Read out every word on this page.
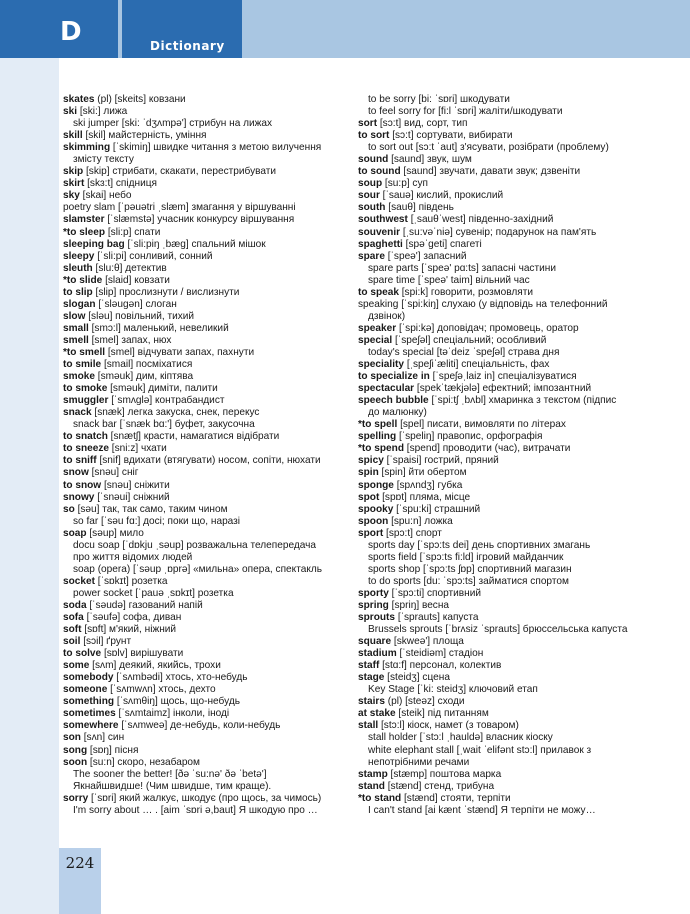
D	Dictionary
skates (pl) [skeits] ковзани
ski [ski:] лижа
ski jumper [ski: ˈdʒʌmpə'] стрибун на лижах
skill [skil] майстерність, уміння
skimming [ˈskimiŋ] швидке читання з метою вилучення
змісту тексту
skip [skip] стрибати, скакати, перестрибувати
skirt [skɜ:t] спідниця
sky [skai] небо
poetry slam [ˈpəuətri ˌslæm] змагання у віршуванні
slamster [ˈslæmstə] учасник конкурсу віршування
*to sleep [sli:p] спати
sleeping bag [ˈsli:piŋ ˌbæg] спальний мішок
sleepy [ˈsli:pi] сонливий, сонний
sleuth [slu:θ] детектив
*to slide [slaid] ковзати
to slip [slip] прослизнути / вислизнути
slogan [ˈsləugən] слоган
slow [sləu] повільний, тихий
small [smɔ:l] маленький, невеликий
smell [smel] запах, нюх
*to smell [smel] відчувати запах, пахнути
to smile [smail] посміхатися
smoke [sməuk] дим, кіптява
to smoke [sməuk] диміти, палити
smuggler [ˈsmʌglə] контрабандист
snack [snæk] легка закуска, снек, перекус
snack bar [ˈsnæk bɑ:'] буфет, закусочна
to snatch [snætʃ] красти, намагатися відібрати
to sneeze [sni:z] чхати
to sniff [snif] вдихати (втягувати) носом, сопіти, нюхати
snow [snəu] сніг
to snow [snəu] сніжити
snowy [ˈsnəui] сніжний
so [səu] так, так само, таким чином
so far [ˈsəu fɑ:] досі; поки що, наразі
soap [səup] мило
docu soap [ˈdɒkju ˌsəup] розважальна телепередача
про життя відомих людей
soap (opera) [ˈsəup ˌɒprə] «мильна» опера, спектакль
socket [ˈsɒkɪt] розетка
power socket [ˈpauə ˌsɒkɪt] розетка
soda [ˈsəudə] газований напій
sofa [ˈsəufə] софа, диван
soft [sɒft] м'який, ніжний
soil [sɔil] ґрунт
to solve [sɒlv] вирішувати
some [sʌm] деякий, якийсь, трохи
somebody [ˈsʌmbədi] хтось, хто-небудь
someone [ˈsʌmwʌn] хтось, дехто
something [ˈsʌmθiŋ] щось, що-небудь
sometimes [ˈsʌmtaimz] інколи, іноді
somewhere [ˈsʌmweə] де-небудь, коли-небудь
son [sʌn] син
song [sɒŋ] пісня
soon [su:n] скоро, незабаром
The sooner the better! [ðə ˈsu:nə' ðə ˈbetə']
Якнайшвидше! (Чим швидше, тим краще).
sorry [ˈsɒri] який жалкує, шкодує (про щось, за чимось)
I'm sorry about … . [aim ˈsɒri ə,baut] Я шкодую про …
to be sorry [bi: ˈsɒri] шкодувати
to feel sorry for [fi:l ˈsɒri] жаліти/шкодувати
sort [sɔ:t] вид, сорт, тип
to sort [sɔ:t] сортувати, вибирати
to sort out [sɔ:t ˈaut] з'ясувати, розібрати (проблему)
sound [saund] звук, шум
to sound [saund] звучати, давати звук; дзвеніти
soup [su:p] суп
sour [ˈsauə] кислий, прокислий
south [sauθ] південь
southwest [ˌsauθˈwest] південно-західний
souvenir [ˌsu:vəˈniə] сувенір; подарунок на пам'ять
spaghetti [spəˈgeti] спагеті
spare [ˈspeə'] запасний
spare parts [ˈspeə' pɑ:ts] запасні частини
spare time [ˈspeə' taim] вільний час
to speak [spi:k] говорити, розмовляти
speaking [ˈspi:kiŋ] слухаю (у відповідь на телефонний
дзвінок)
speaker [ˈspi:kə] доповідач; промовець, оратор
special [ˈspeʃəl] спеціальний; особливий
today's special [təˈdeiz ˈspeʃəl] страва дня
speciality [ˌspeʃiˈæliti] спеціальність, фах
to specialize in [ˈspeʃəˌlaiz in] спеціалізуватися
spectacular [spekˈtækjələ] ефектний; імпозантний
speech bubble [ˈspi:tʃ ˌbʌbl] хмаринка з текстом (підпис
до малюнку)
*to spell [spel] писати, вимовляти по літерах
spelling [ˈspeliŋ] правопис, орфографія
*to spend [spend] проводити (час), витрачати
spicy [ˈspaisi] гострий, пряний
spin [spin] йти обертом
sponge [spʌndʒ] губка
spot [spɒt] пляма, місце
spooky [ˈspu:ki] страшний
spoon [spu:n] ложка
sport [spɔ:t] спорт
sports day [ˈspɔ:ts dei] день спортивних змагань
sports field [ˈspɔ:ts fi:ld] ігровий майданчик
sports shop [ˈspɔ:ts ʃɒp] спортивний магазин
to do sports [du: ˈspɔ:ts] займатися спортом
sporty [ˈspɔ:ti] спортивний
spring [spriŋ] весна
sprouts [ˈsprauts] капуста
Brussels sprouts [ˈbrʌsiz ˈsprauts] брюссельська капуста
square [skweə'] площа
stadium [ˈsteidiəm] стадіон
staff [stɑ:f] персонал, колектив
stage [steidʒ] сцена
Key Stage [ˈki: steidʒ] ключовий етап
stairs (pl) [steəz] сходи
at stake [steik] під питанням
stall [stɔ:l] кіоск, намет (з товаром)
stall holder [ˈstɔ:l ˌhauldə] власник кіоску
white elephant stall [ˌwait ˈelifənt stɔ:l] прилавок з
непотрібними речами
stamp [stæmp] поштова марка
stand [stænd] стенд, трибуна
*to stand [stænd] стояти, терпіти
I can't stand [ai kænt ˈstænd] Я терпіти не можу…
224
